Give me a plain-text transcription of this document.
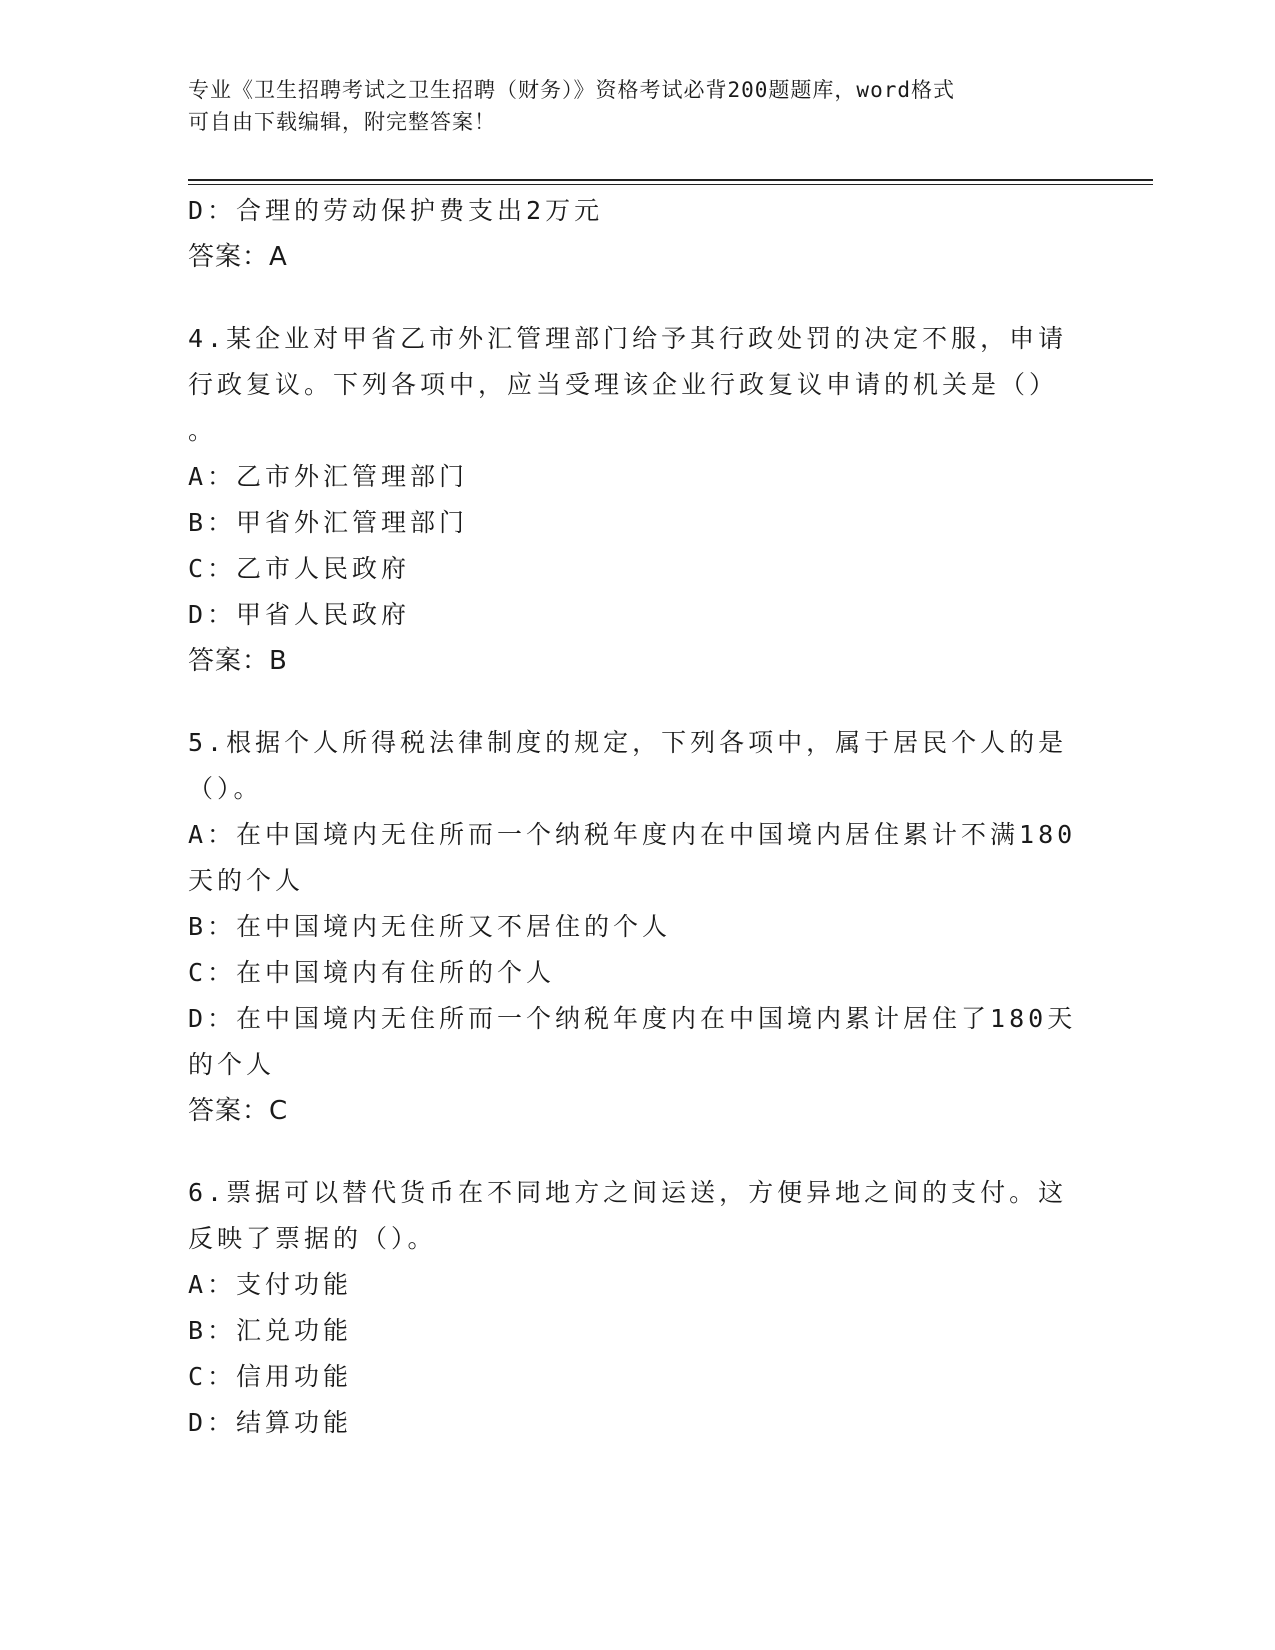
专业《卫生招聘考试之卫生招聘（财务）》资格考试必背200题题库，word格式
可自由下载编辑，附完整答案！
D：合理的劳动保护费支出2万元
答案：A
4.某企业对甲省乙市外汇管理部门给予其行政处罚的决定不服，申请
行政复议。下列各项中，应当受理该企业行政复议申请的机关是（）
。
A：乙市外汇管理部门
B：甲省外汇管理部门
C：乙市人民政府
D：甲省人民政府
答案：B
5.根据个人所得税法律制度的规定，下列各项中，属于居民个人的是
（）。
A：在中国境内无住所而一个纳税年度内在中国境内居住累计不满180
天的个人
B：在中国境内无住所又不居住的个人
C：在中国境内有住所的个人
D：在中国境内无住所而一个纳税年度内在中国境内累计居住了180天
的个人
答案：C
6.票据可以替代货币在不同地方之间运送，方便异地之间的支付。这
反映了票据的（）。
A：支付功能
B：汇兑功能
C：信用功能
D：结算功能
